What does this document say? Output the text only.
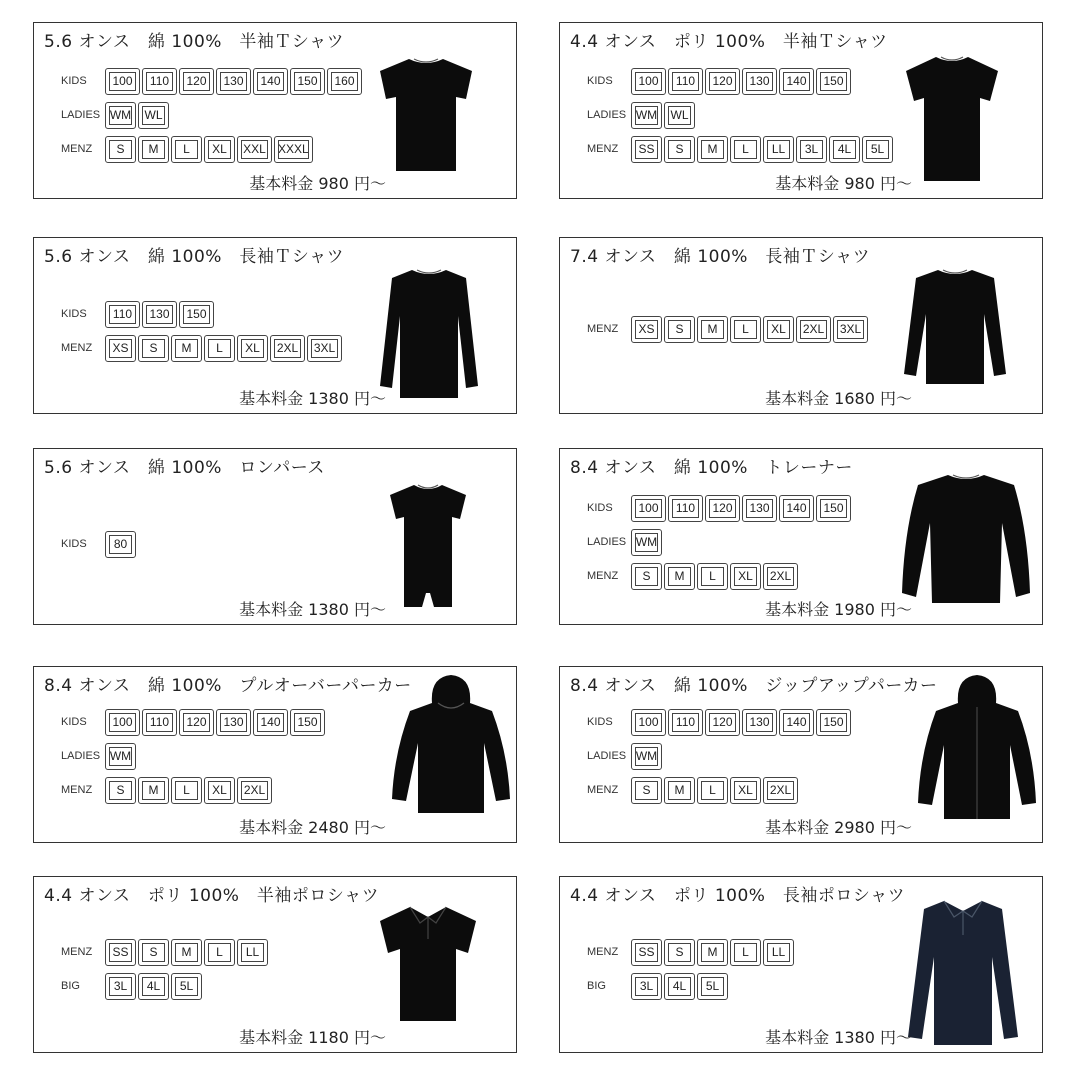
5.6 オンス　綿 100%　半袖Ｔシャツ
KIDS	100	110	120	130	140	150	160
LADIES WM	WL
MENZ	S	M	L	XL	XXL	XXXL
基本料金 980 円～
4.4 オンス　ポリ 100%　半袖Ｔシャツ
KIDS	100	110	120	130	140	150
LADIES WM	WL
MENZ	SS	S	M	L	LL	3L	4L	5L
基本料金 980 円～
5.6 オンス　綿 100%　長袖Ｔシャツ
KIDS	110	130	150
MENZ	XS	S	M	L	XL	2XL	3XL
基本料金 1380 円～
7.4 オンス　綿 100%　長袖Ｔシャツ
MENZ	XS	S	M	L	XL	2XL	3XL
基本料金 1680 円～
5.6 オンス　綿 100%　ロンパース
KIDS	80
基本料金 1380 円～
8.4 オンス　綿 100%　トレーナー
KIDS	100	110	120	130	140	150
LADIES WM
MENZ	S	M	L	XL	2XL
基本料金 1980 円～
8.4 オンス　綿 100%　プルオーバーパーカー
KIDS	100	110	120	130	140	150
LADIES WM
MENZ	S	M	L	XL	2XL
基本料金 2480 円～
8.4 オンス　綿 100%　ジップアップパーカー
KIDS	100	110	120	130	140	150
LADIES WM
MENZ	S	M	L	XL	2XL
基本料金 2980 円～
4.4 オンス　ポリ 100%　半袖ポロシャツ
MENZ	SS	S	M	L	LL
BIG	3L	4L	5L
基本料金 1180 円～
4.4 オンス　ポリ 100%　長袖ポロシャツ
MENZ	SS	S	M	L	LL
BIG	3L	4L	5L
基本料金 1380 円～
